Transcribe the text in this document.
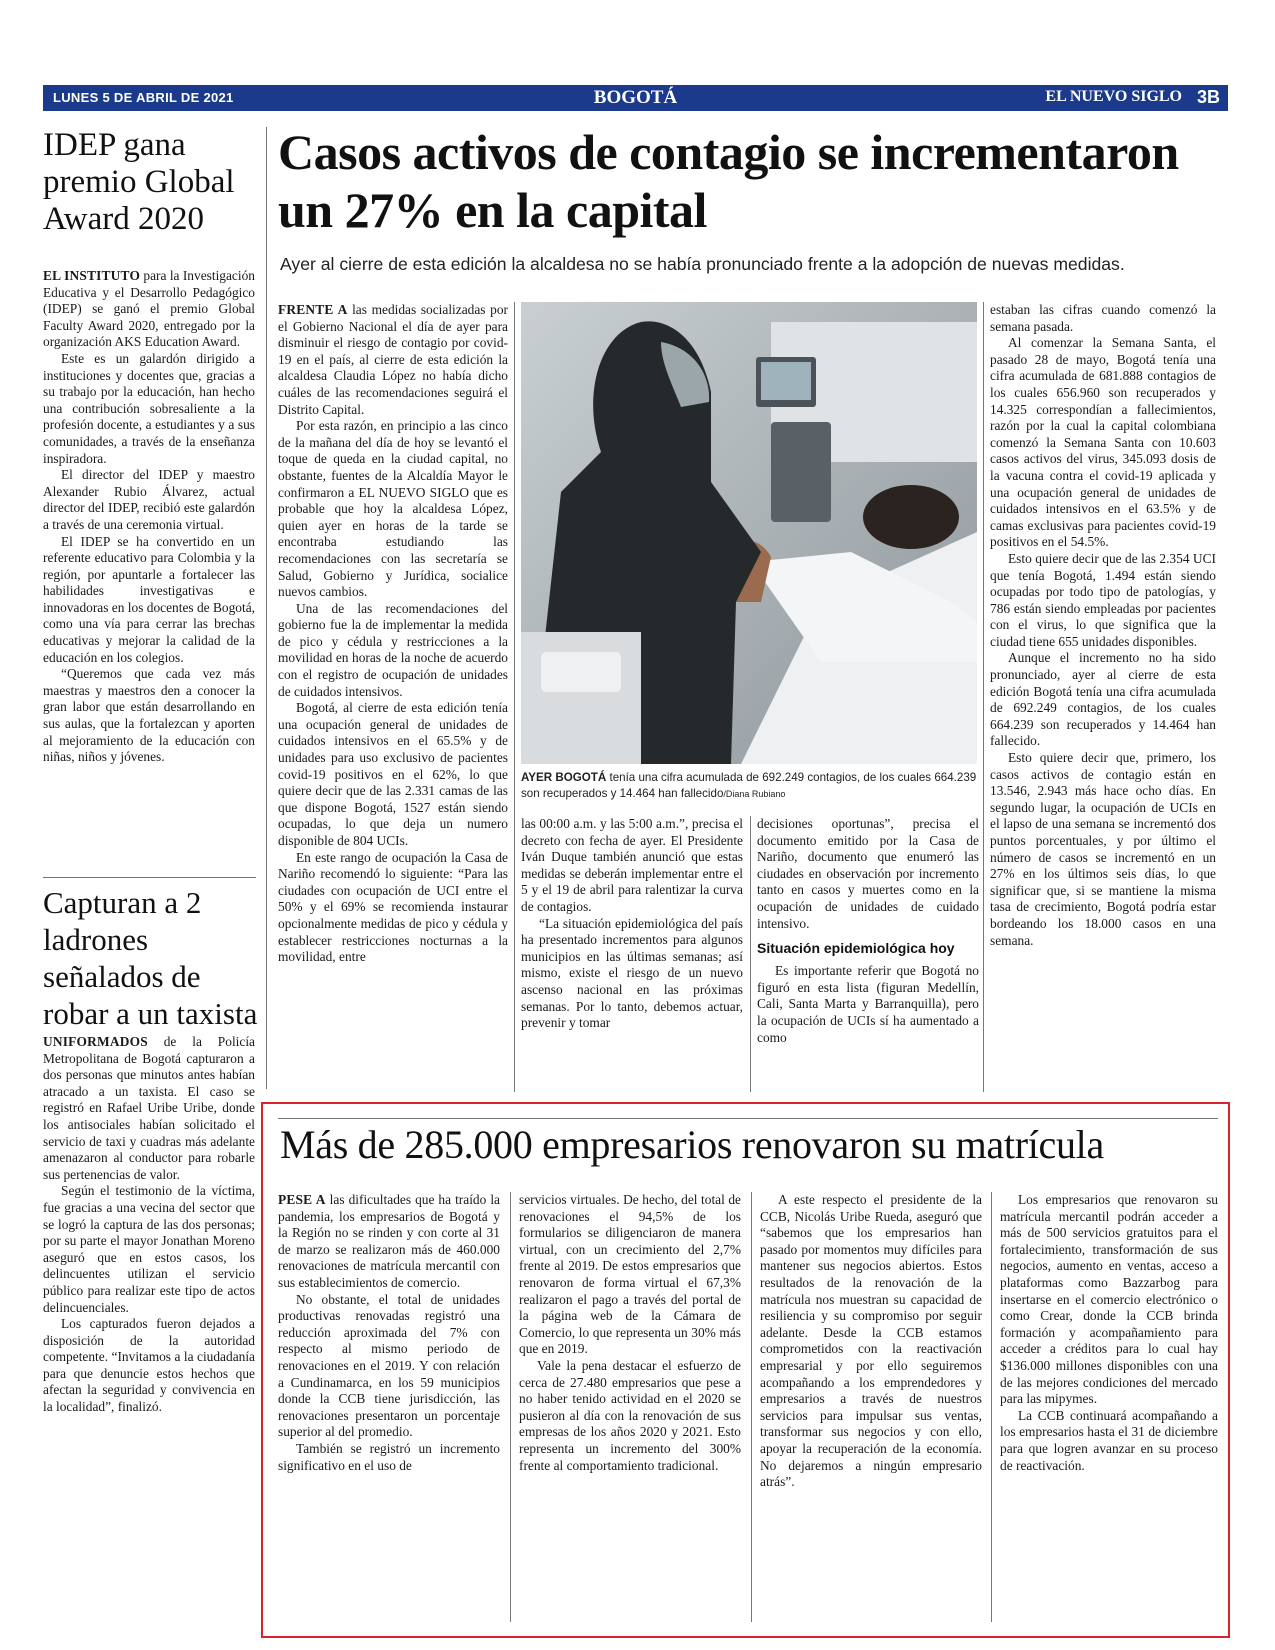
LUNES 5 DE ABRIL DE 2021	BOGOTÁ	EL NUEVO SIGLO 3B
IDEP gana premio Global Award 2020

EL INSTITUTO para la Investigación Educativa y el Desarrollo Pedagógico (IDEP) se ganó el premio Global Faculty Award 2020, entregado por la organización AKS Education Award.

Este es un galardón dirigido a instituciones y docentes que, gracias a su trabajo por la educación, han hecho una contribución sobresaliente a la profesión docente, a estudiantes y a sus comunidades, a través de la enseñanza inspiradora.

El director del IDEP y maestro Alexander Rubio Álvarez, actual director del IDEP, recibió este galardón a través de una ceremonia virtual.

El IDEP se ha convertido en un referente educativo para Colombia y la región, por apuntarle a fortalecer las habilidades investigativas e innovadoras en los docentes de Bogotá, como una vía para cerrar las brechas educativas y mejorar la calidad de la educación en los colegios.

“Queremos que cada vez más maestras y maestros den a conocer la gran labor que están desarrollando en sus aulas, que la fortalezcan y aporten al mejoramiento de la educación con niñas, niños y jóvenes.

Capturan a 2 ladrones señalados de robar a un taxista

UNIFORMADOS de la Policía Metropolitana de Bogotá capturaron a dos personas que minutos antes habían atracado a un taxista. El caso se registró en Rafael Uribe Uribe, donde los antisociales habían solicitado el servicio de taxi y cuadras más adelante amenazaron al conductor para robarle sus pertenencias de valor.

Según el testimonio de la víctima, fue gracias a una vecina del sector que se logró la captura de las dos personas; por su parte el mayor Jonathan Moreno aseguró que en estos casos, los delincuentes utilizan el servicio público para realizar este tipo de actos delincuenciales.

Los capturados fueron dejados a disposición de la autoridad competente. “Invitamos a la ciudadanía para que denuncie estos hechos que afectan la seguridad y convivencia en la localidad”, finalizó.

Casos activos de contagio se incrementaron un 27% en la capital
Ayer al cierre de esta edición la alcaldesa no se había pronunciado frente a la adopción de nuevas medidas.

FRENTE A las medidas socializadas por el Gobierno Nacional el día de ayer para disminuir el riesgo de contagio por covid-19 en el país, al cierre de esta edición la alcaldesa Claudia López no había dicho cuáles de las recomendaciones seguirá el Distrito Capital.

Por esta razón, en principio a las cinco de la mañana del día de hoy se levantó el toque de queda en la ciudad capital, no obstante, fuentes de la Alcaldía Mayor le confirmaron a EL NUEVO SIGLO que es probable que hoy la alcaldesa López, quien ayer en horas de la tarde se encontraba estudiando las recomendaciones con las secretaría se Salud, Gobierno y Jurídica, socialice nuevos cambios.

Una de las recomendaciones del gobierno fue la de implementar la medida de pico y cédula y restricciones a la movilidad en horas de la noche de acuerdo con el registro de ocupación de unidades de cuidados intensivos.

Bogotá, al cierre de esta edición tenía una ocupación general de unidades de cuidados intensivos en el 65.5% y de unidades para uso exclusivo de pacientes covid-19 positivos en el 62%, lo que quiere decir que de las 2.331 camas de las que dispone Bogotá, 1527 están siendo ocupadas, lo que deja un numero disponible de 804 UCIs.

En este rango de ocupación la Casa de Nariño recomendó lo siguiente: “Para las ciudades con ocupación de UCI entre el 50% y el 69% se recomienda instaurar opcionalmente medidas de pico y cédula y establecer restricciones nocturnas a la movilidad, entre

AYER BOGOTÁ tenía una cifra acumulada de 692.249 contagios, de los cuales 664.239 son recuperados y 14.464 han fallecido/Diana Rubiano

las 00:00 a.m. y las 5:00 a.m.”, precisa el decreto con fecha de ayer. El Presidente Iván Duque también anunció que estas medidas se deberán implementar entre el 5 y el 19 de abril para ralentizar la curva de contagios.

“La situación epidemiológica del país ha presentado incrementos para algunos municipios en las últimas semanas; así mismo, existe el riesgo de un nuevo ascenso nacional en las próximas semanas. Por lo tanto, debemos actuar, prevenir y tomar

decisiones oportunas”, precisa el documento emitido por la Casa de Nariño, documento que enumeró las ciudades en observación por incremento tanto en casos y muertes como en la ocupación de unidades de cuidado intensivo.

Situación epidemiológica hoy

Es importante referir que Bogotá no figuró en esta lista (figuran Medellín, Cali, Santa Marta y Barranquilla), pero la ocupación de UCIs sí ha aumentado a como

estaban las cifras cuando comenzó la semana pasada.

Al comenzar la Semana Santa, el pasado 28 de mayo, Bogotá tenía una cifra acumulada de 681.888 contagios de los cuales 656.960 son recuperados y 14.325 correspondían a fallecimientos, razón por la cual la capital colombiana comenzó la Semana Santa con 10.603 casos activos del virus, 345.093 dosis de la vacuna contra el covid-19 aplicada y una ocupación general de unidades de cuidados intensivos en el 63.5% y de camas exclusivas para pacientes covid-19 positivos en el 54.5%.

Esto quiere decir que de las 2.354 UCI que tenía Bogotá, 1.494 están siendo ocupadas por todo tipo de patologías, y 786 están siendo empleadas por pacientes con el virus, lo que significa que la ciudad tiene 655 unidades disponibles.

Aunque el incremento no ha sido pronunciado, ayer al cierre de esta edición Bogotá tenía una cifra acumulada de 692.249 contagios, de los cuales 664.239 son recuperados y 14.464 han fallecido.

Esto quiere decir que, primero, los casos activos de contagio están en 13.546, 2.943 más hace ocho días. En segundo lugar, la ocupación de UCIs en el lapso de una semana se incrementó dos puntos porcentuales, y por último el número de casos se incrementó en un 27% en los últimos seis días, lo que significar que, si se mantiene la misma tasa de crecimiento, Bogotá podría estar bordeando los 18.000 casos en una semana.

Más de 285.000 empresarios renovaron su matrícula

PESE A las dificultades que ha traído la pandemia, los empresarios de Bogotá y la Región no se rinden y con corte al 31 de marzo se realizaron más de 460.000 renovaciones de matrícula mercantil con sus establecimientos de comercio.

No obstante, el total de unidades productivas renovadas registró una reducción aproximada del 7% con respecto al mismo periodo de renovaciones en el 2019. Y con relación a Cundinamarca, en los 59 municipios donde la CCB tiene jurisdicción, las renovaciones presentaron un porcentaje superior al del promedio.

También se registró un incremento significativo en el uso de

servicios virtuales. De hecho, del total de renovaciones el 94,5% de los formularios se diligenciaron de manera virtual, con un crecimiento del 2,7% frente al 2019. De estos empresarios que renovaron de forma virtual el 67,3% realizaron el pago a través del portal de la página web de la Cámara de Comercio, lo que representa un 30% más que en 2019.

Vale la pena destacar el esfuerzo de cerca de 27.480 empresarios que pese a no haber tenido actividad en el 2020 se pusieron al día con la renovación de sus empresas de los años 2020 y 2021. Esto representa un incremento del 300% frente al comportamiento tradicional.

A este respecto el presidente de la CCB, Nicolás Uribe Rueda, aseguró que “sabemos que los empresarios han pasado por momentos muy difíciles para mantener sus negocios abiertos. Estos resultados de la renovación de la matrícula nos muestran su capacidad de resiliencia y su compromiso por seguir adelante. Desde la CCB estamos comprometidos con la reactivación empresarial y por ello seguiremos acompañando a los emprendedores y empresarios a través de nuestros servicios para impulsar sus ventas, transformar sus negocios y con ello, apoyar la recuperación de la economía. No dejaremos a ningún empresario atrás”.

Los empresarios que renovaron su matrícula mercantil podrán acceder a más de 500 servicios gratuitos para el fortalecimiento, transformación de sus negocios, aumento en ventas, acceso a plataformas como Bazzarbog para insertarse en el comercio electrónico o como Crear, donde la CCB brinda formación y acompañamiento para acceder a créditos para lo cual hay $136.000 millones disponibles con una de las mejores condiciones del mercado para las mipymes.

La CCB continuará acompañando a los empresarios hasta el 31 de diciembre para que logren avanzar en su proceso de reactivación.
